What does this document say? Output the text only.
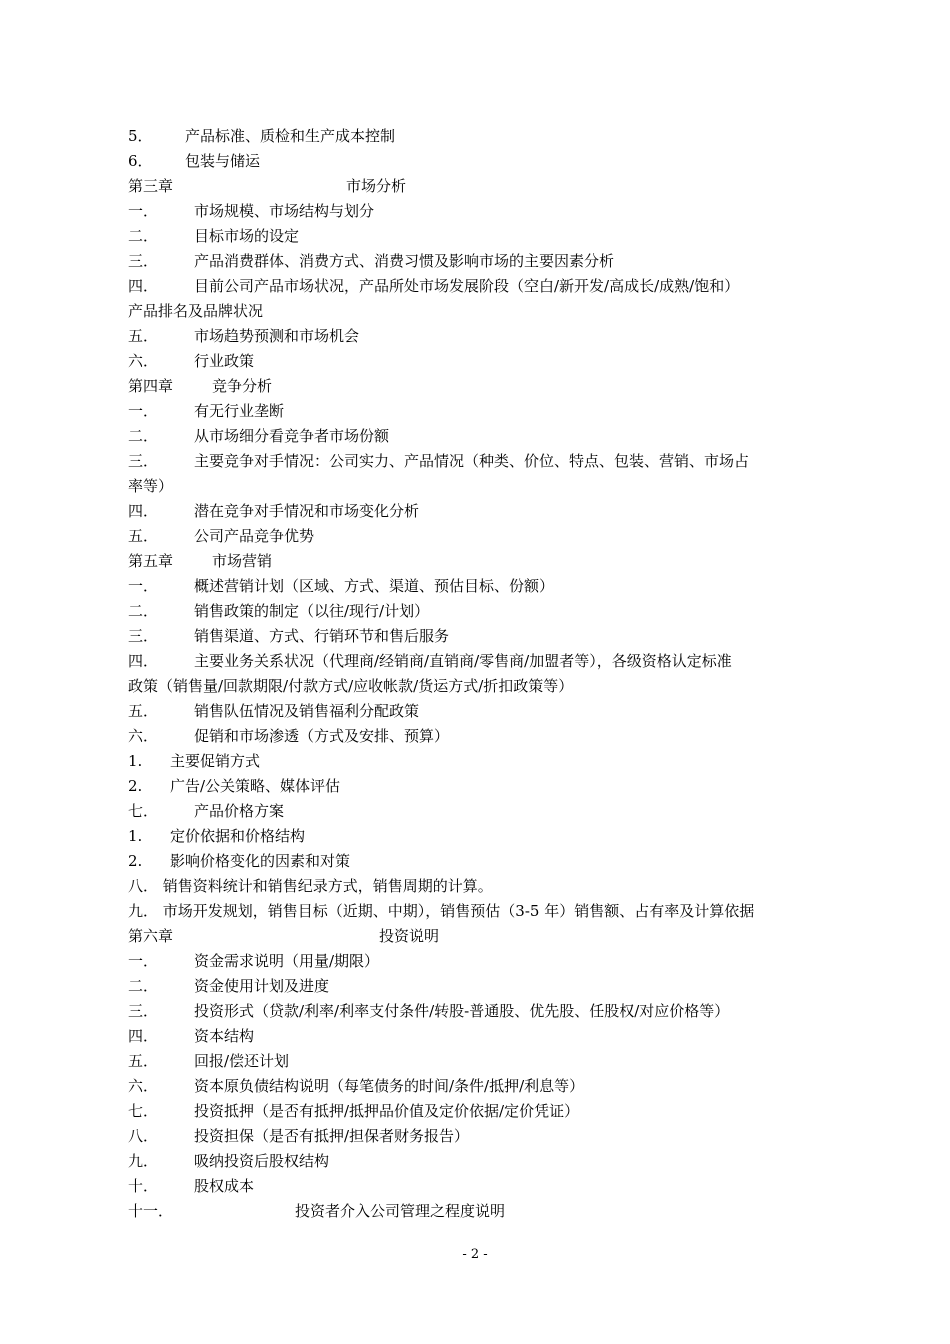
5． 产品标准、质检和生产成本控制
6． 包装与储运
第三章	市场分析
一． 市场规模、市场结构与划分
二． 目标市场的设定
三． 产品消费群体、消费方式、消费习惯及影响市场的主要因素分析
四． 目前公司产品市场状况，产品所处市场发展阶段（空白/新开发/高成长/成熟/饱和）
产品排名及品牌状况
五． 市场趋势预测和市场机会
六． 行业政策
第四章	竞争分析
一． 有无行业垄断
二． 从市场细分看竞争者市场份额
三． 主要竞争对手情况：公司实力、产品情况（种类、价位、特点、包装、营销、市场占
率等）
四． 潜在竞争对手情况和市场变化分析
五． 公司产品竞争优势
第五章	市场营销
一． 概述营销计划（区域、方式、渠道、预估目标、份额）
二． 销售政策的制定（以往/现行/计划）
三． 销售渠道、方式、行销环节和售后服务
四． 主要业务关系状况（代理商/经销商/直销商/零售商/加盟者等），各级资格认定标准
政策（销售量/回款期限/付款方式/应收帐款/货运方式/折扣政策等）
五． 销售队伍情况及销售福利分配政策
六． 促销和市场渗透（方式及安排、预算）
1. 主要促销方式
2. 广告/公关策略、媒体评估
七． 产品价格方案
1. 定价依据和价格结构
2. 影响价格变化的因素和对策
八． 销售资料统计和销售纪录方式，销售周期的计算。
九． 市场开发规划，销售目标（近期、中期），销售预估（3-5 年）销售额、占有率及计算依据
第六章	投资说明
一． 资金需求说明（用量/期限）
二． 资金使用计划及进度
三． 投资形式（贷款/利率/利率支付条件/转股-普通股、优先股、任股权/对应价格等）
四． 资本结构
五． 回报/偿还计划
六． 资本原负债结构说明（每笔债务的时间/条件/抵押/利息等）
七． 投资抵押（是否有抵押/抵押品价值及定价依据/定价凭证）
八． 投资担保（是否有抵押/担保者财务报告）
九． 吸纳投资后股权结构
十． 股权成本
十一．	投资者介入公司管理之程度说明
- 2 -
